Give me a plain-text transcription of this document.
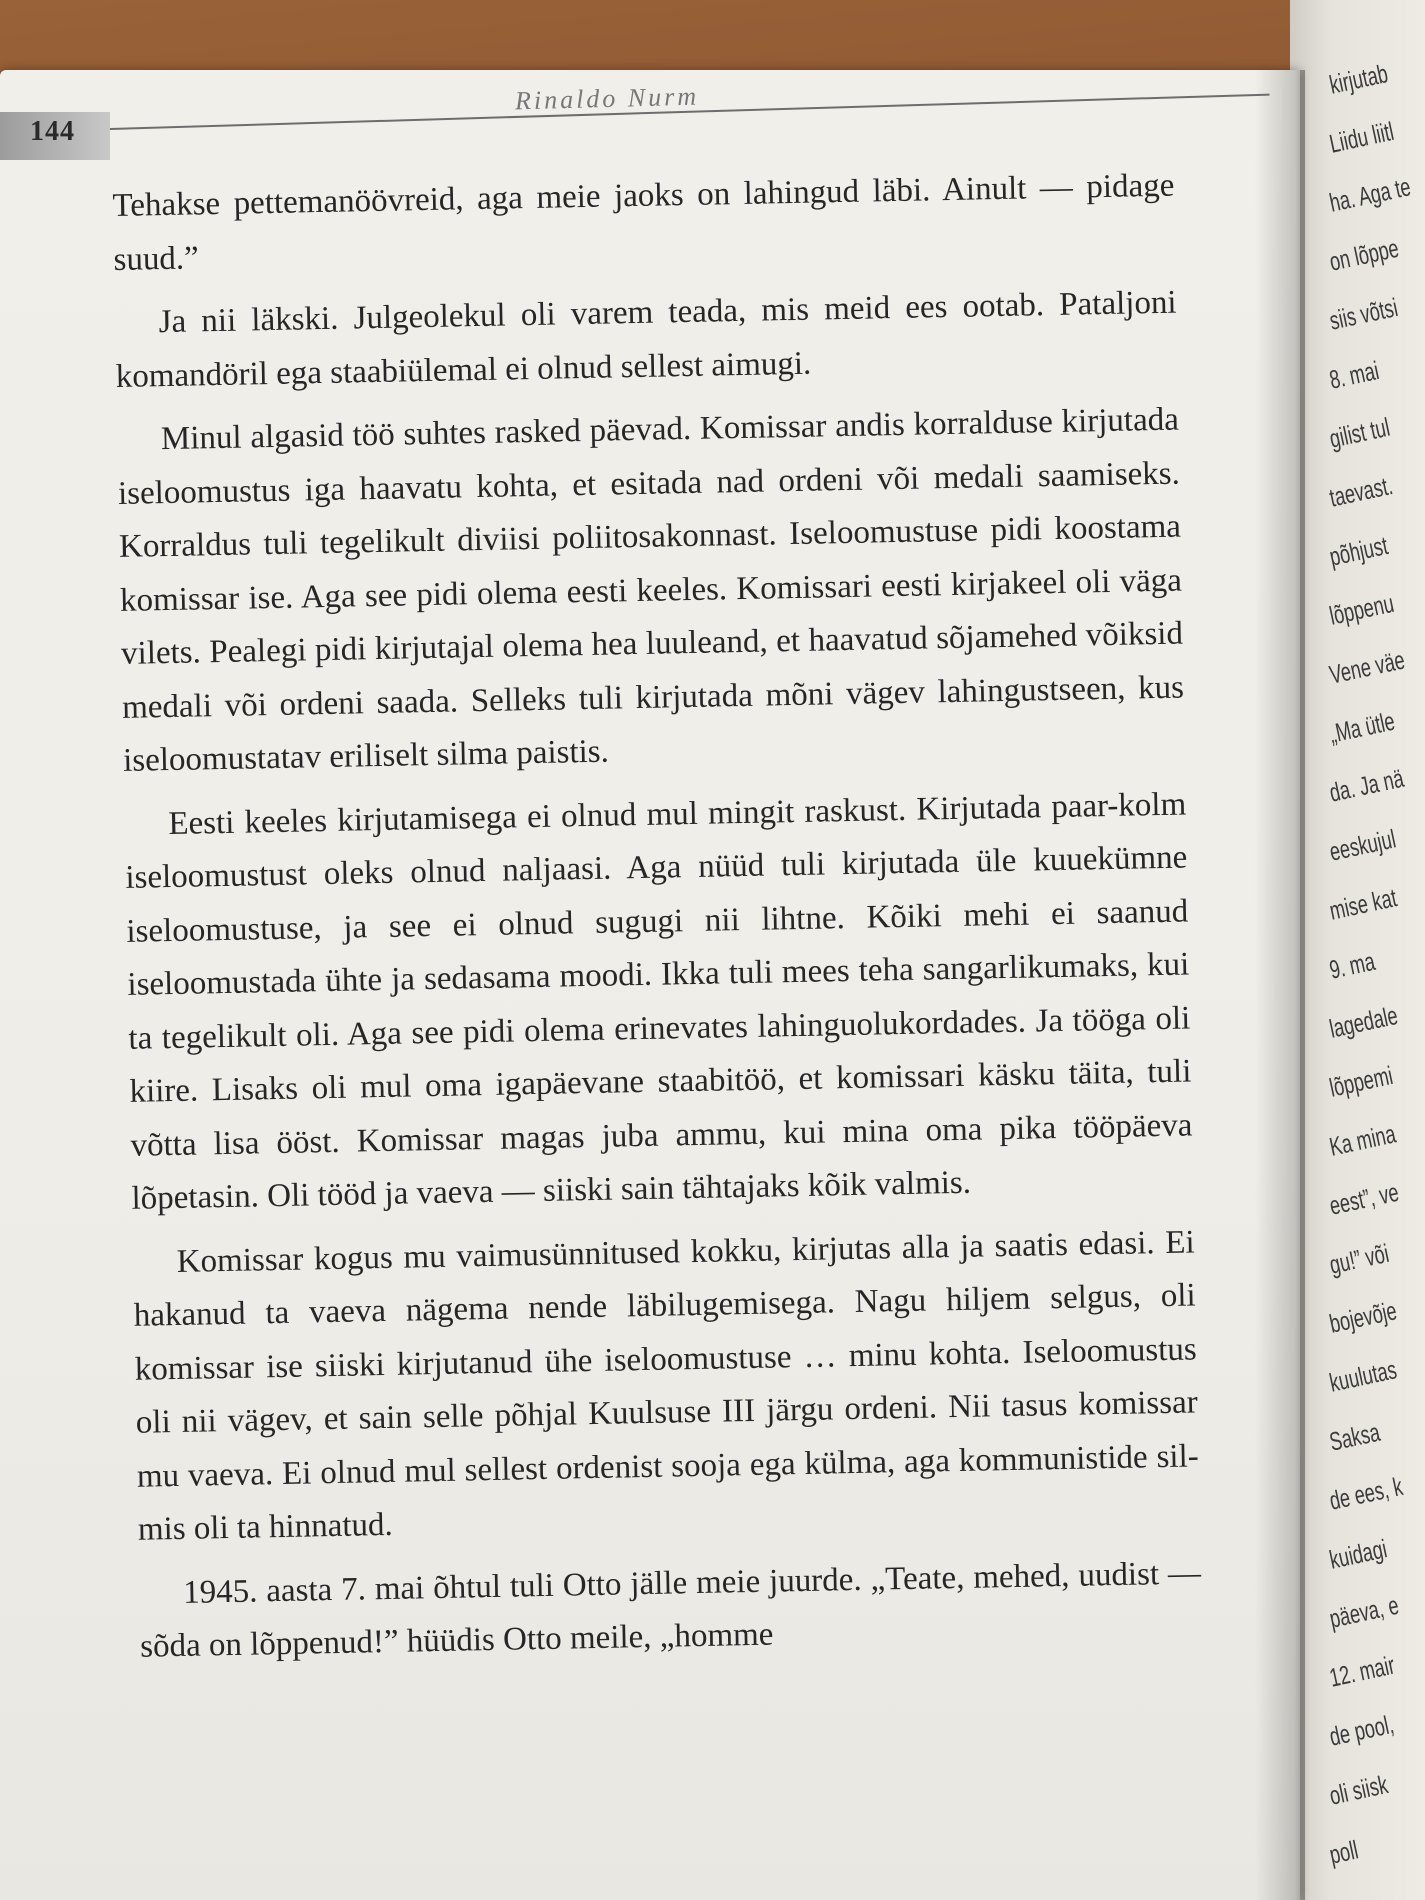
kirjutab
Liidu liitl
ha. Aga te
on lõppe
siis võtsi
8. mai
gilist tul
taevast.
põhjust
lõppenu
Vene väe
„Ma ütle
da. Ja nä
eeskujul
mise kat
9. ma
lagedale
lõppemi
Ka mina
eest”, ve
gu!” või
bojevõje
kuulutas
Saksa
de ees, k
kuidagi
päeva, e
12. mair
de pool,
oli siisk
poll
144
Rinaldo Nurm

Tehakse pettemanöövreid, aga meie jaoks on lahingud läbi. Ainult — pidage suud.”

Ja nii läkski. Julgeolekul oli varem teada, mis meid ees ootab. Pataljoni komandöril ega staabiülemal ei olnud sellest aimugi.

Minul algasid töö suhtes rasked päevad. Komissar andis korralduse kirjutada iseloomustus iga haavatu kohta, et esitada nad ordeni või medali saamiseks. Korraldus tuli tegelikult diviisi poliitosakonnast. Iseloomustuse pidi koostama komissar ise. Aga see pidi olema eesti keeles. Komissari eesti kirjakeel oli väga vilets. Pealegi pidi kirjutajal olema hea luuleand, et haavatud sõjamehed võiksid medali või ordeni saada. Selleks tuli kirjutada mõni vägev lahingustseen, kus iseloomustatav eriliselt silma paistis.

Eesti keeles kirjutamisega ei olnud mul mingit raskust. Kirjutada paar-kolm iseloomustust oleks olnud naljaasi. Aga nüüd tuli kirjutada üle kuuekümne iseloomustuse, ja see ei olnud sugugi nii lihtne. Kõiki mehi ei saanud iseloomustada ühte ja sedasama moodi. Ikka tuli mees teha sangarlikumaks, kui ta tegelikult oli. Aga see pidi olema erinevates lahinguolukordades. Ja tööga oli kiire. Lisaks oli mul oma igapäevane staabitöö, et komissari käsku täita, tuli võtta lisa ööst. Komissar magas juba ammu, kui mina oma pika tööpäeva lõpetasin. Oli tööd ja vaeva — siiski sain tähtajaks kõik valmis.

Komissar kogus mu vaimusünnitused kokku, kirjutas alla ja saatis edasi. Ei hakanud ta vaeva nägema nende läbilugemisega. Nagu hiljem selgus, oli komissar ise siiski kirjutanud ühe iseloomustuse … minu kohta. Iseloomustus oli nii vägev, et sain selle põhjal Kuulsuse III järgu ordeni. Nii tasus komissar mu vaeva. Ei olnud mul sellest ordenist sooja ega külma, aga kommunistide silmis oli ta hinnatud.

1945. aasta 7. mai õhtul tuli Otto jälle meie juurde. „Teate, mehed, uudist — sõda on lõppenud!” hüüdis Otto meile, „homme
